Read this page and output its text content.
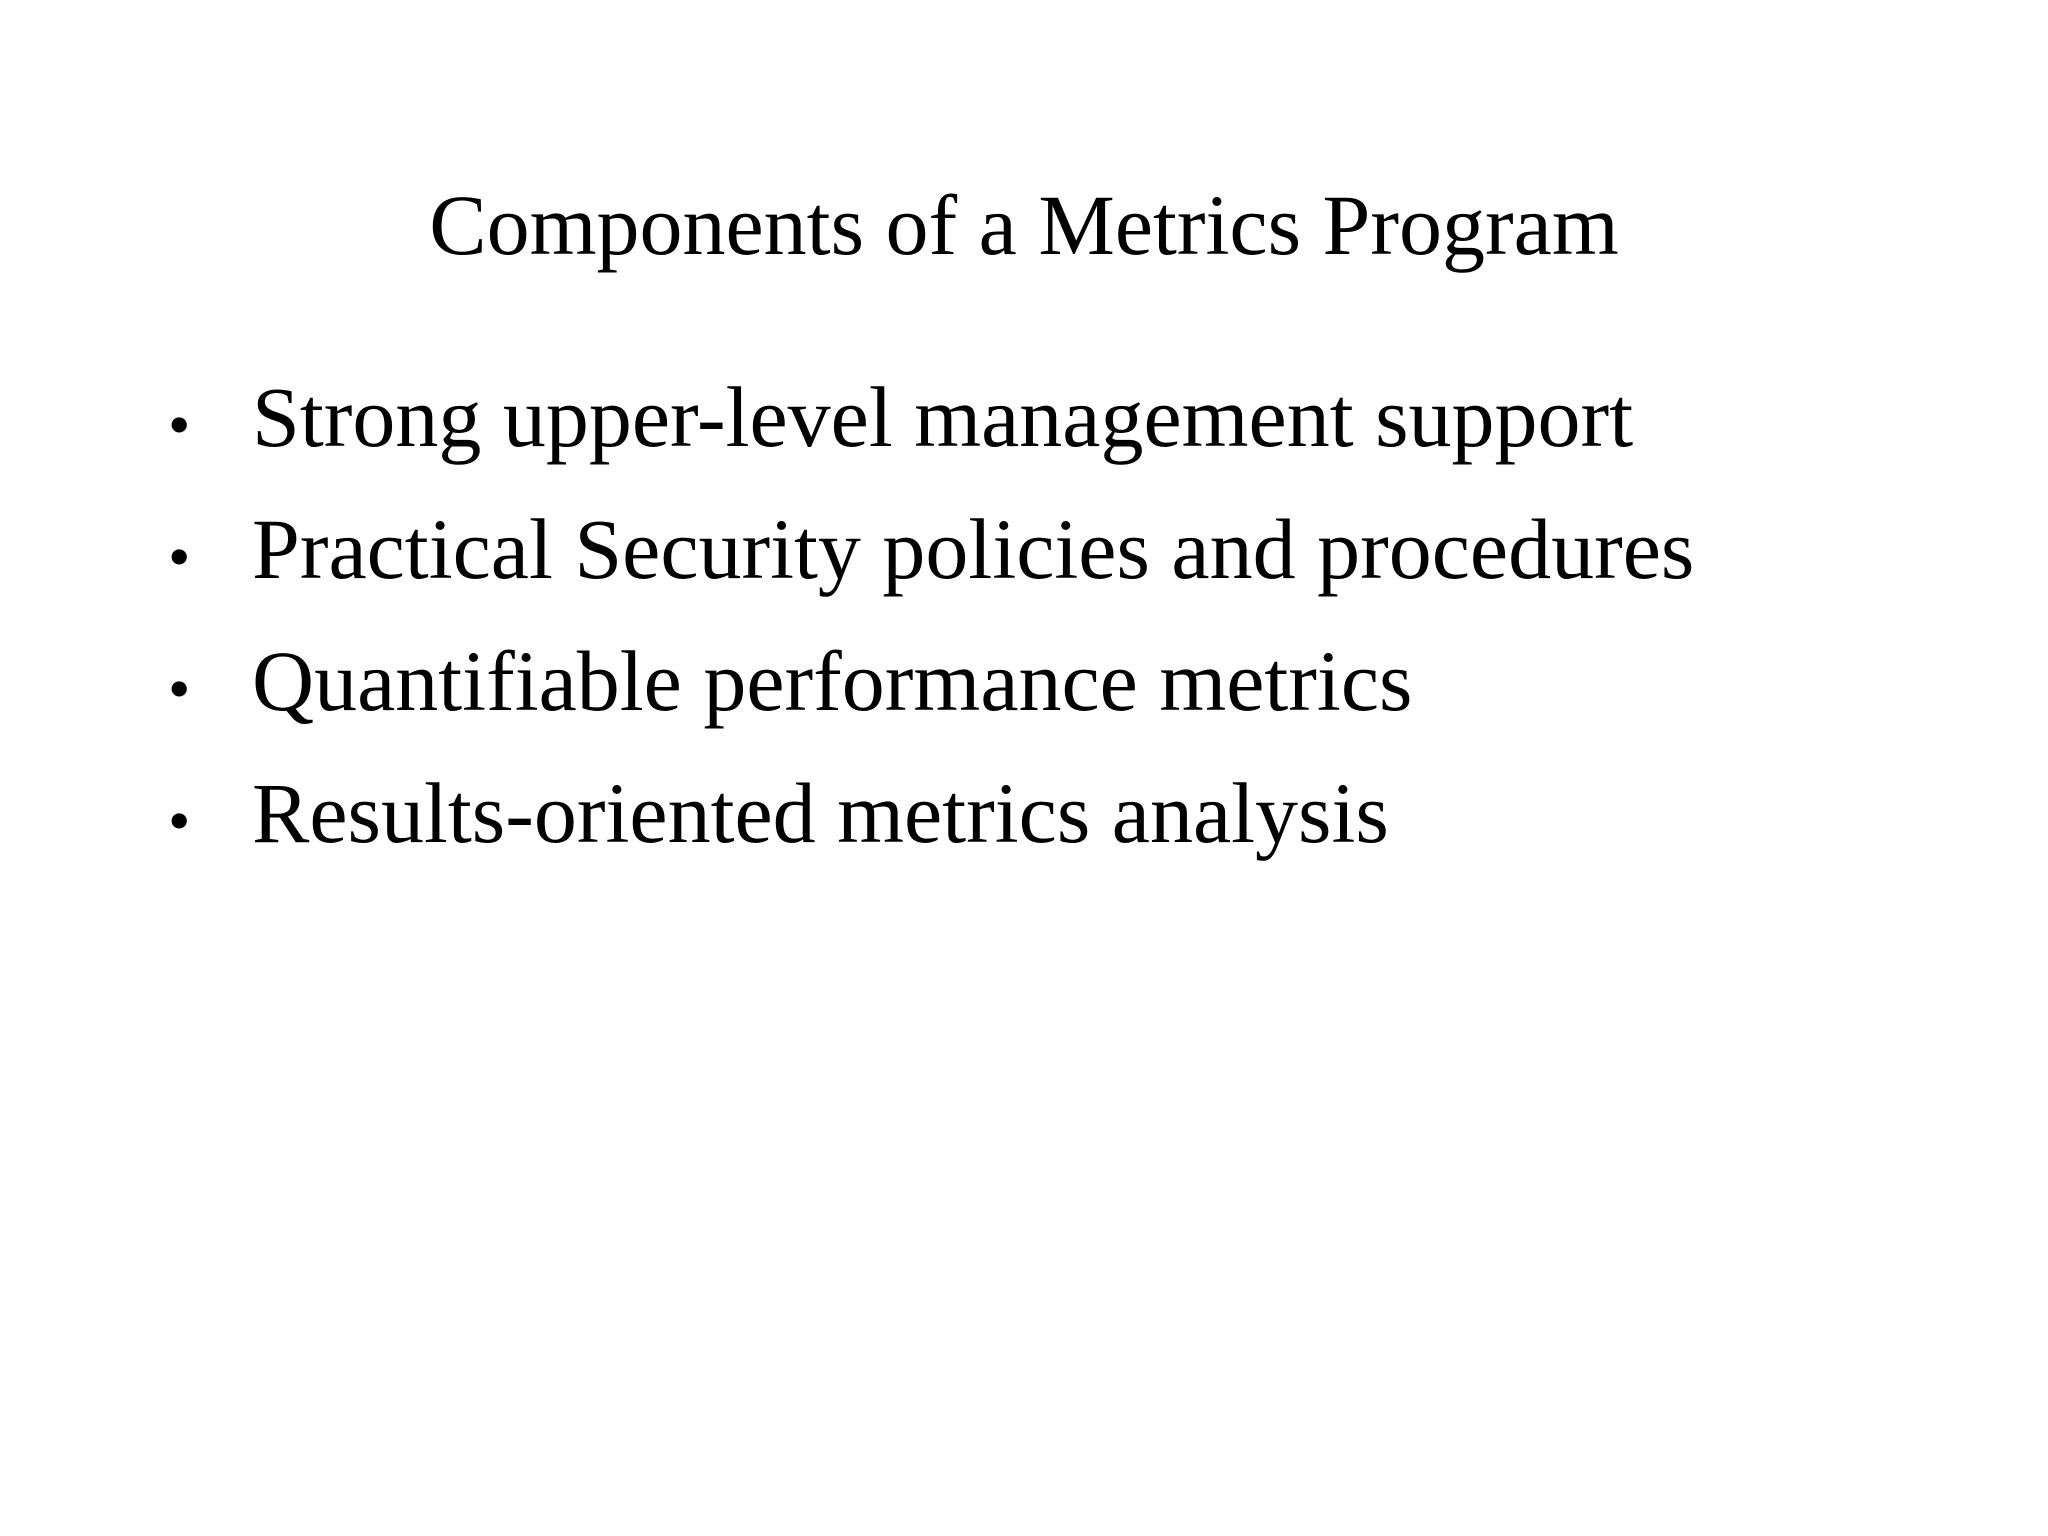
Components of a Metrics Program
• Strong upper-level management support
• Practical Security policies and procedures
• Quantifiable performance metrics
• Results-oriented metrics analysis
